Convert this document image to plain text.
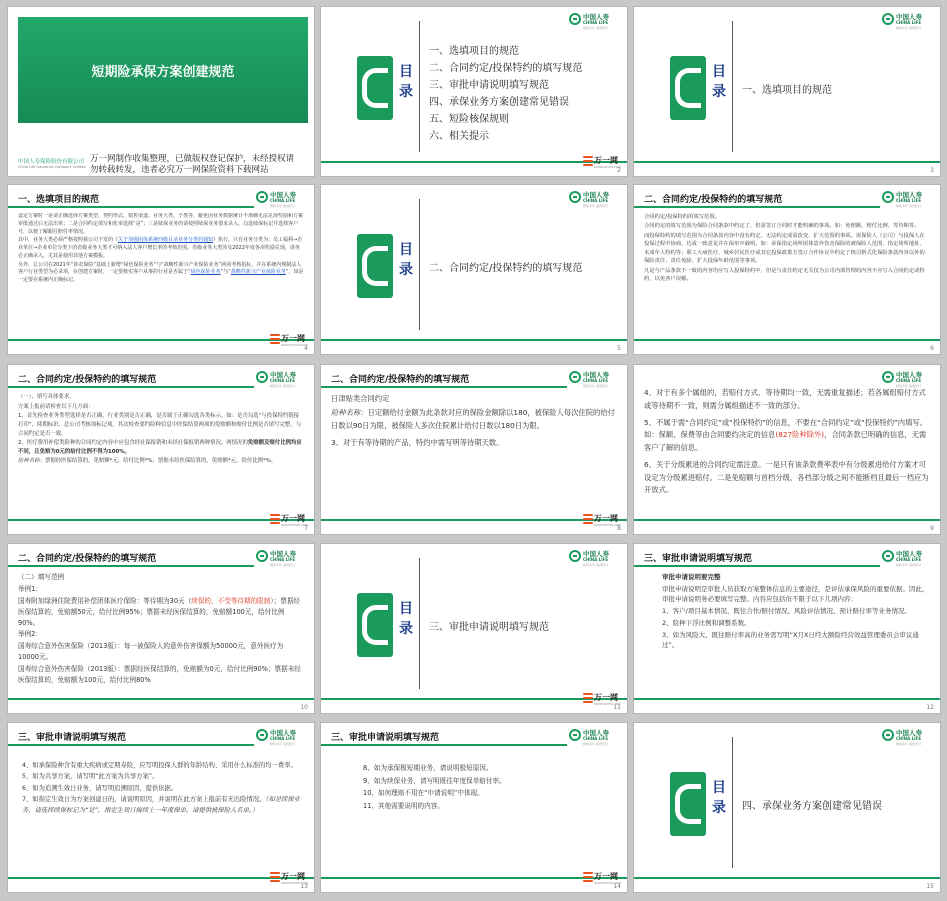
短期险承保方案创建规范
中国人寿保险股份有限公司
China Life Insurance Company Limited
万一网制作收集整理，已做版权登记保护，未经授权请勿转载转发，违者必究万一网保险资料下载网站
中国人寿
CHINA LIFE
相知多年 值得托付
目录
一、选填项目的规范
二、合同约定/投保特约的填写规范
三、审批申请说明填写规范
四、承保业务方案创建常见错误
五、短险核保规则
六、相关提示
万一网
WWW.WY5W.COM
2
中国人寿
CHINA LIFE
相知多年 值得托付
目录 一、选填项目的规范
3
一、选填项目的规范	中国人寿
CHINA LIFE
相知多年 值得托付

设定方案时一是请正确选择方案类型，契约形式、销售渠道、业务大类、子类等，避免因业务数据统计不准确无法兑现奖励和方案审批通过后无法出单；二是合同约定填写和化审选择“是”；三是续保业务的请按照续保业务要求录入，勾选续保标记并选择客户号，以便了解跟往赔付率情况。

其中，业务大类必须严格按照我公司下发的《关于加强团体系统四级目录业务分类的通知》执行，只有业务分类为：员工福利→企业单位→企业单位分类下的省级业务大类才可纳入法人客户增长率的考核范围。省级业务大类涉及2022年度各项奖励兑现，请务必正确录入，尤其是使用其他方案模板。

另外，总公司在2021年“涉农保险”基础上新增“绿色保险业务”与“战略性新兴产业保险业务”两项考核指标，并在系统内规制法人客户行业类型为必录项，在创建方案时，一定要核实客户从事的行业是否属于“绿色保险业务”与“战略性新兴产业保险业务”，如是一定要在系统内正确标记。

万一网
WWW.WY5W.COM
4
中国人寿
CHINA LIFE
相知多年 值得托付
目录 二、合同约定/投保特约的填写规范
5
二、合同约定/投保特约的填写规范	中国人寿
CHINA LIFE
相知多年 值得托付

合同约定/投保特约的填写范围。

合同约定的填写范围为保险合同条款中约定了，但需签订合同时才能明确的事项。如：免赔额、赔付比例、等待期等。

而投保特约的填写范围为合同条款内容中没有约定，无法约定或需改变、扩大范围的事项。需保险人（公司）与投保人在投保过程中协商，达成一致意见并在保单中载明。如：承保指定场所团体意外伤害保险的被保险人范围、指定场所地址、未成年人特约等；职工大病医疗、城乡居民医疗或其它投保政策方签订合作协议中约定了核司格式化保险条款内容以外的保险责任、责任免除、扩大投保年龄范围等事项。

凡是与产品条款不一致的内容均应写入投保特约中，但是与责任约定无关仅为公司内部管理的内容不应写入合同约定或特约，以免客户误解。

6
二、合同约定/投保特约的填写规范	中国人寿
CHINA LIFE
相知多年 值得托付

（一）、填写具体要求。

方案上报前请检查以下几方面：

1、首先检查业务类型选择是否正确，行业类别是否正确，是否属于正确勾选各类标示。如：是否勾选“与投保特约链接打印”、续期标识、总公司考核项标记项。其次检查要约险种信息中医保结算两项的免赔额和赔付比例是否填写完整，与合同约定是否一致。

2、医疗费用补偿类险种的合同约定内容中应包含经社保报销和未经社保报销两种情况，两情况的免赔额及赔付比例均应不同，且免赔为0元的给付比例不得为100%。

险种名称：票据经医保结算的，免赔额*元，给付比例*%；票据未经医保结算的，免赔额*元，给付比例*%。

万一网
WWW.WY5W.COM
7
二、合同约定/投保特约的填写规范	中国人寿
CHINA LIFE
相知多年 值得托付

日津贴类合同约定

险种名称：日定额给付金额为此条款对应的保险金额除以180，被保险人每次住院的给付日数以90日为限，被保险人多次住院累计给付日数以180日为限。

3、对于有等待期的产品，特约中需写明等待期天数。

万一网
WWW.WY5W.COM
8
中国人寿
CHINA LIFE
相知多年 值得托付

4、对于有多个属组的，若赔付方式、等待期均一致，无需重复描述；若各属组赔付方式或等待期不一致，则需分属组描述不一致的部分。

5、不属于需“合同约定”或“投保特约”的信息，不要在“合同约定”或“投保特约”内填写。如：保额、保费等由合同要约决定的信息(827险种除外)，合同条款已明确的信息，无需客户了解的信息。

6、关于分级累进的合同约定需注意。一是只有该条款费率表中有分级累进给付方案才可设定为分级累进赔付。二是免赔额与首档分级、各档部分级之间不能断档且最后一档应为开放式。

9
二、合同约定/投保特约的填写规范	中国人寿
CHINA LIFE
相知多年 值得托付

（二）填写范例

举例1：

国寿附加绿洲住院费用补偿团体医疗保险：等待期为30天（续保的，不受等待期的限制）；票据经医保结算的，免赔额50元，给付比例95%；票据未经医保结算的，免赔额100元，给付比例90%。

举例2：

国寿综合意外伤害保险（2013版）：每一被保险人的意外伤害保额为50000元，意外医疗为10000元。

国寿综合意外伤害保险（2013版）：票据经医保结算的，免赔额为0元，给付比例90%；票据未经医保结算的，免赔额为100元，给付比例80%

10
中国人寿
CHINA LIFE
相知多年 值得托付
目录 三、审批申请说明填写规范
万一网
WWW.WY5W.COM
11
三、审批申请说明填写规范	中国人寿
CHINA LIFE
相知多年 值得托付

审批申请说明要完整

审批申请说明是审批人员获取方案整体信息的主要途径，是评估承保风险的重要依据。因此，审批申请说明务必要填写完整。内容应包括但不限于以下几项内容：

1、客户/项目基本情况、既往合作/赔付情况、风险评估情况、预计赔付率等业务情况。

2、险种下浮比例和调整系数。

3、如为风险大、既往赔付率高的业务需写明“X月X日经大额险经营效益管理委员会审议通过”。

12
三、审批申请说明填写规范	中国人寿
CHINA LIFE
相知多年 值得托付

4、如承保险种含有重大疾病或定期寿险，应写明投保人群的年龄结构、采用什么标准的均一费率。

5、如为共享方案，请写明“此方案为共享方案”。

6、如为追溯生效日业务，请写明追溯原因，提供依据。

7、如指定生效日为方案创建日的，请说明原因，并说明在此方案上报前有无出险情况。（如是续保业务，请选择续保标记为“是”，指定生效日接续上一年度保单，请提供被保险人名单。）

万一网
WWW.WY5W.COM
13
三、审批申请说明填写规范	中国人寿
CHINA LIFE
相知多年 值得托付

8、如为承保极短期业务，请说明极短原因。

9、如为续保业务，请写明既往年度保单赔付率。

10、如何理赔不用在“申请说明”中体现。

11、其他需要说明的内容。

万一网
WWW.WY5W.COM
14
中国人寿
CHINA LIFE
相知多年 值得托付
目录 四、承保业务方案创建常见错误
15
